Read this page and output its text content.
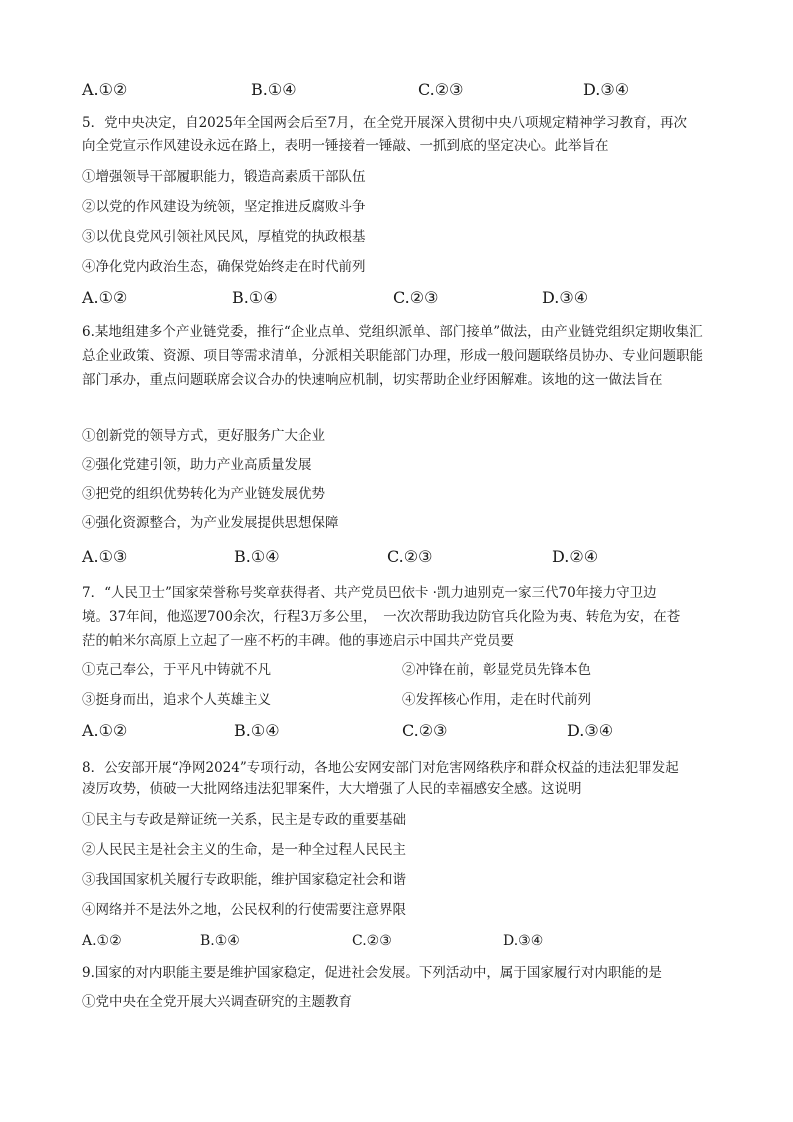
A.①②	B.①④	C.②③	D.③④
5．党中央决定，自2025年全国两会后至7月，在全党开展深入贯彻中央八项规定精神学习教育，再次
向全党宣示作风建设永远在路上，表明一锤接着一锤敲、一抓到底的坚定决心。此举旨在
①增强领导干部履职能力，锻造高素质干部队伍
②以党的作风建设为统领，坚定推进反腐败斗争
③以优良党风引领社风民风，厚植党的执政根基
④净化党内政治生态，确保党始终走在时代前列
A.①②	B.①④	C.②③	D.③④
6.某地组建多个产业链党委，推行“企业点单、党组织派单、部门接单”做法，由产业链党组织定期收集汇总企业政策、资源、项目等需求清单，分派相关职能部门办理，形成一般问题联络员协办、专业问题职能部门承办，重点问题联席会议合办的快速响应机制，切实帮助企业纾困解难。该地的这一做法旨在
①创新党的领导方式，更好服务广大企业
②强化党建引领，助力产业高质量发展
③把党的组织优势转化为产业链发展优势
④强化资源整合，为产业发展提供思想保障
A.①③	B.①④	C.②③	D.②④
7．“人民卫士”国家荣誉称号奖章获得者、共产党员巴依卡 ·凯力迪别克一家三代70年接力守卫边
境。37年间，他巡逻700余次，行程3万多公里，　一次次帮助我边防官兵化险为夷、转危为安，在苍
茫的帕米尔高原上立起了一座不朽的丰碑。他的事迹启示中国共产党员要
①克己奉公，于平凡中铸就不凡	②冲锋在前，彰显党员先锋本色
③挺身而出，追求个人英雄主义	④发挥核心作用，走在时代前列
A.①②	B.①④	C.②③	D.③④
8．公安部开展“净网2024”专项行动，各地公安网安部门对危害网络秩序和群众权益的违法犯罪发起
凌厉攻势，侦破一大批网络违法犯罪案件，大大增强了人民的幸福感安全感。这说明
①民主与专政是辩证统一关系，民主是专政的重要基础
②人民民主是社会主义的生命，是一种全过程人民民主
③我国国家机关履行专政职能，维护国家稳定社会和谐
④网络并不是法外之地，公民权利的行使需要注意界限
A.①②	B.①④	C.②③	D.③④
9.国家的对内职能主要是维护国家稳定，促进社会发展。下列活动中，属于国家履行对内职能的是
①党中央在全党开展大兴调查研究的主题教育
